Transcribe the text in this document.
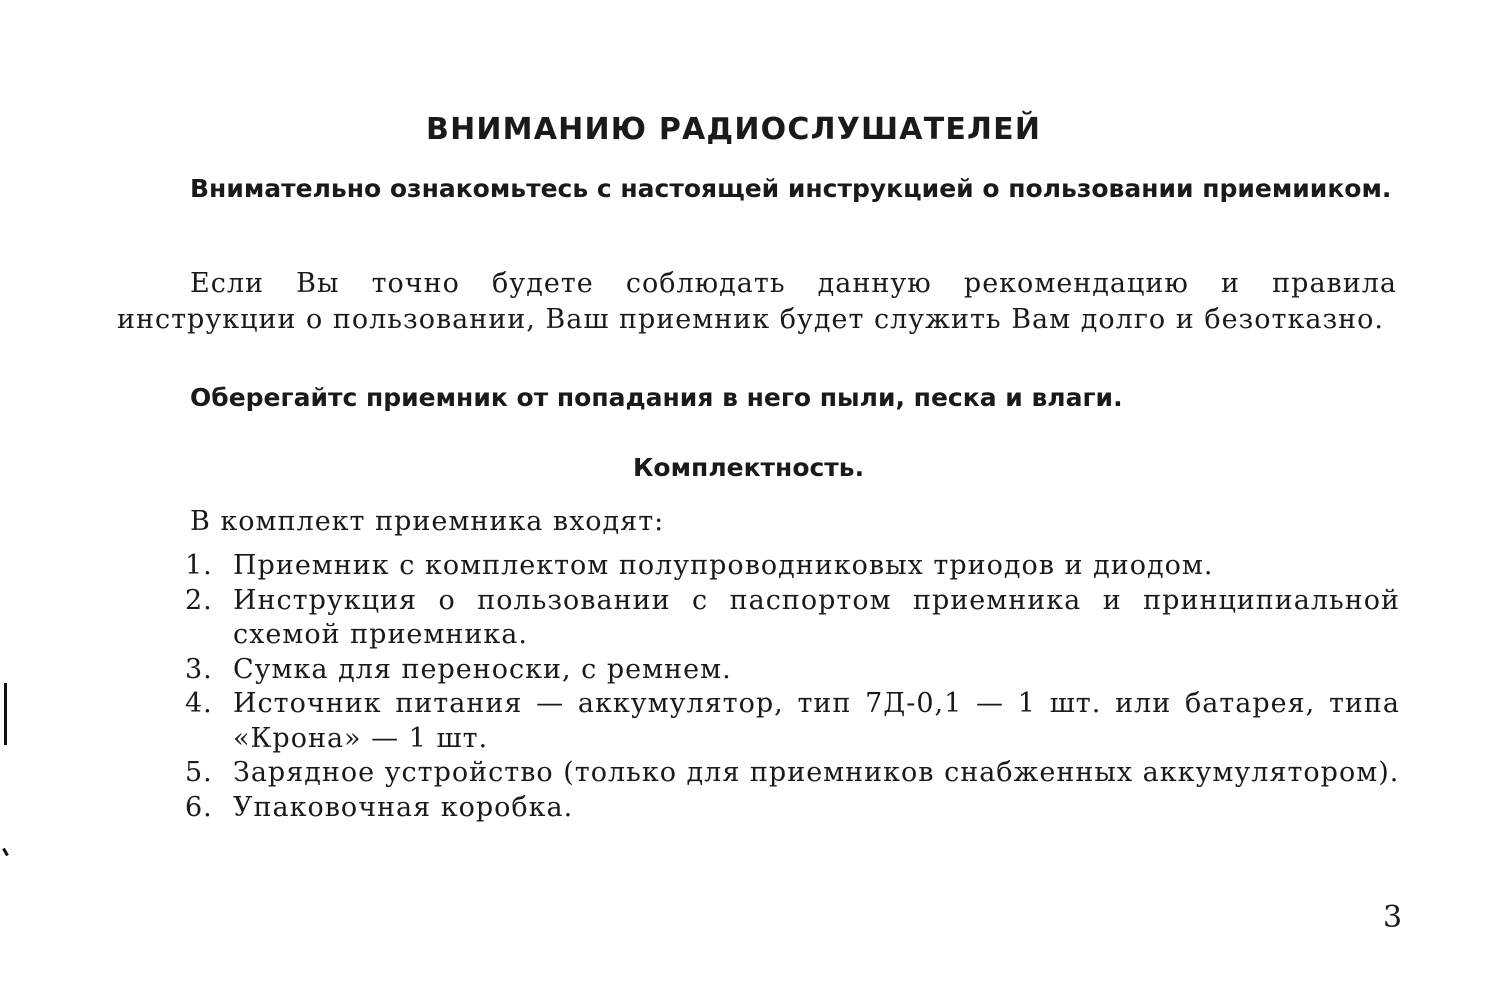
ВНИМАНИЮ РАДИОСЛУШАТЕЛЕЙ

Внимательно ознакомьтесь с настоящей инструкцией о пользовании приемииком.

Если Вы точно будете соблюдать данную рекомендацию и правила инструкции о пользовании, Ваш приемник будет служить Вам долго и безотказно.

Оберегайтс приемник от попадания в него пыли, песка и влаги.

Комплектность.
В комплект приемника входят:
1. Приемник с комплектом полупроводниковых триодов и диодом.
2. Инструкция о пользовании с паспортом приемника и принципиальной схемой приемника.
3. Сумка для переноски, с ремнем.
4. Источник питания — аккумулятор, тип 7Д-0,1 — 1 шт. или батарея, типа «Крона» — 1 шт.
5. Зарядное устройство (только для приемников снабженных аккумулятором).
6. Упаковочная коробка.
3
